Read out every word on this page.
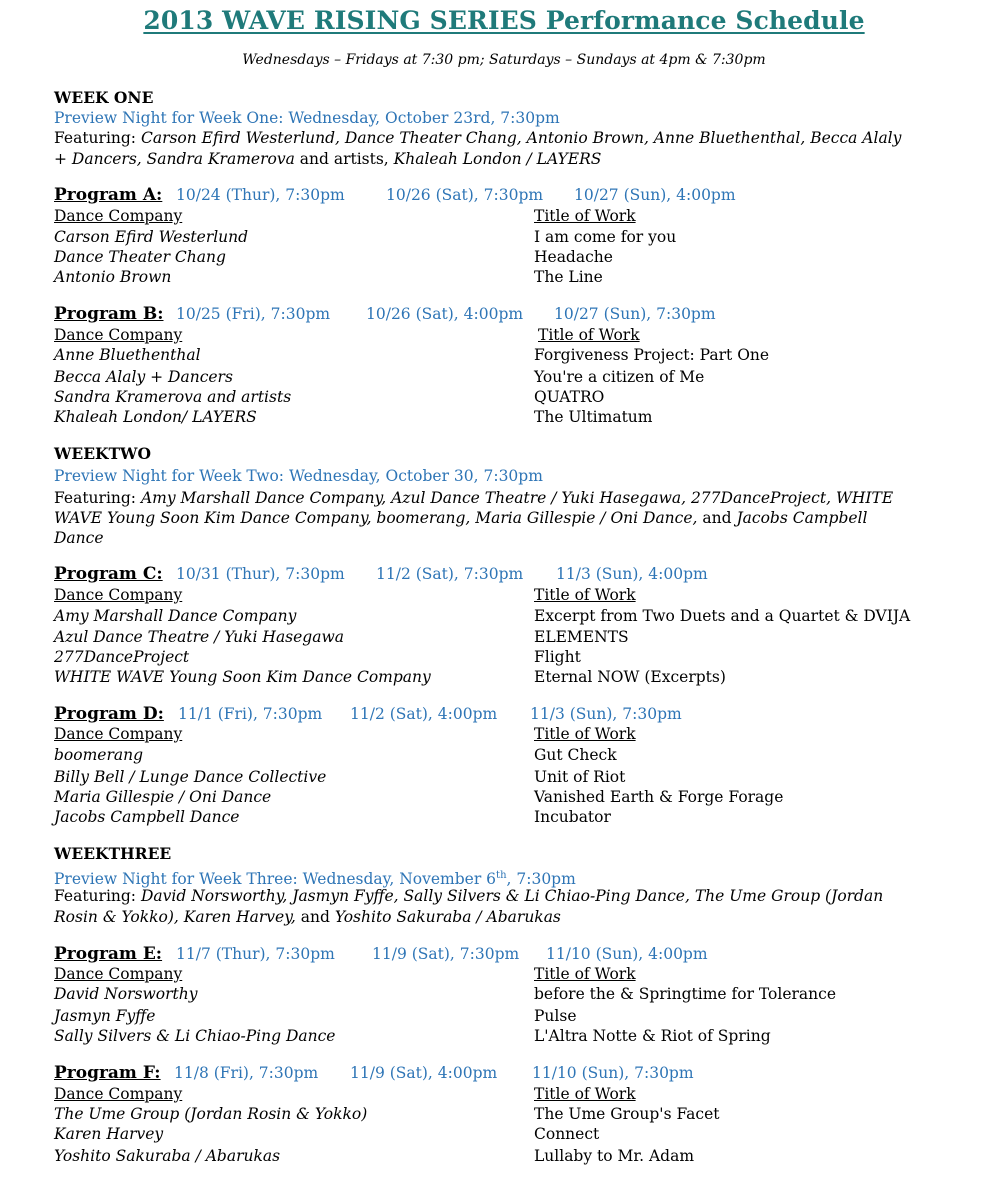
2013 WAVE RISING SERIES Performance Schedule
Wednesdays – Fridays at 7:30 pm; Saturdays – Sundays at 4pm & 7:30pm
WEEK ONE
Preview Night for Week One: Wednesday, October 23rd, 7:30pm
Featuring: Carson Efird Westerlund, Dance Theater Chang, Antonio Brown, Anne Bluethenthal, Becca Alaly
+ Dancers, Sandra Kramerova and artists, Khaleah London / LAYERS
Program A: 10/24 (Thur), 7:30pm	10/26 (Sat), 7:30pm 10/27 (Sun), 4:00pm
Dance Company	Title of Work
Carson Efird Westerlund	I am come for you
Dance Theater Chang	Headache
Antonio Brown	The Line
Program B: 10/25 (Fri), 7:30pm 10/26 (Sat), 4:00pm 10/27 (Sun), 7:30pm
Dance Company	Title of Work
Anne Bluethenthal	Forgiveness Project: Part One
Becca Alaly + Dancers	You're a citizen of Me
Sandra Kramerova and artists	QUATRO
Khaleah London/ LAYERS	The Ultimatum
WEEKTWO
Preview Night for Week Two: Wednesday, October 30, 7:30pm
Featuring: Amy Marshall Dance Company, Azul Dance Theatre / Yuki Hasegawa, 277DanceProject, WHITE
WAVE Young Soon Kim Dance Company, boomerang, Maria Gillespie / Oni Dance, and Jacobs Campbell
Dance
Program C: 10/31 (Thur), 7:30pm 11/2 (Sat), 7:30pm 11/3 (Sun), 4:00pm
Dance Company	Title of Work
Amy Marshall Dance Company	Excerpt from Two Duets and a Quartet & DVIJA
Azul Dance Theatre / Yuki Hasegawa	ELEMENTS
277DanceProject	Flight
WHITE WAVE Young Soon Kim Dance Company	Eternal NOW (Excerpts)
Program D: 11/1 (Fri), 7:30pm 11/2 (Sat), 4:00pm 11/3 (Sun), 7:30pm
Dance Company	Title of Work
boomerang	Gut Check
Billy Bell / Lunge Dance Collective	Unit of Riot
Maria Gillespie / Oni Dance	Vanished Earth & Forge Forage
Jacobs Campbell Dance	Incubator
WEEKTHREE
Preview Night for Week Three: Wednesday, November 6th, 7:30pm
Featuring: David Norsworthy, Jasmyn Fyffe, Sally Silvers & Li Chiao-Ping Dance, The Ume Group (Jordan
Rosin & Yokko), Karen Harvey, and Yoshito Sakuraba / Abarukas
Program E: 11/7 (Thur), 7:30pm 11/9 (Sat), 7:30pm 11/10 (Sun), 4:00pm
Dance Company	Title of Work
David Norsworthy	before the & Springtime for Tolerance
Jasmyn Fyffe	Pulse
Sally Silvers & Li Chiao-Ping Dance	L'Altra Notte & Riot of Spring
Program F: 11/8 (Fri), 7:30pm 11/9 (Sat), 4:00pm 11/10 (Sun), 7:30pm
Dance Company	Title of Work
The Ume Group (Jordan Rosin & Yokko)	The Ume Group's Facet
Karen Harvey	Connect
Yoshito Sakuraba / Abarukas	Lullaby to Mr. Adam
